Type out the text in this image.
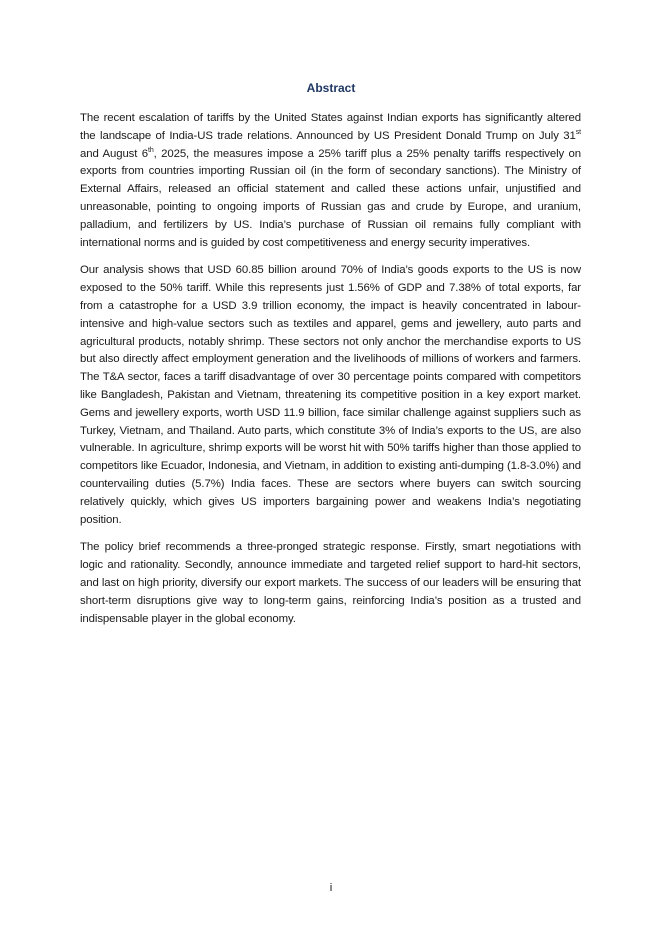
Abstract

The recent escalation of tariffs by the United States against Indian exports has significantly altered the landscape of India-US trade relations. Announced by US President Donald Trump on July 31st and August 6th, 2025, the measures impose a 25% tariff plus a 25% penalty tariffs respectively on exports from countries importing Russian oil (in the form of secondary sanctions). The Ministry of External Affairs, released an official statement and called these actions unfair, unjustified and unreasonable, pointing to ongoing imports of Russian gas and crude by Europe, and uranium, palladium, and fertilizers by US. India’s purchase of Russian oil remains fully compliant with international norms and is guided by cost competitiveness and energy security imperatives.

Our analysis shows that USD 60.85 billion around 70% of India’s goods exports to the US is now exposed to the 50% tariff. While this represents just 1.56% of GDP and 7.38% of total exports, far from a catastrophe for a USD 3.9 trillion economy, the impact is heavily concentrated in labour-intensive and high-value sectors such as textiles and apparel, gems and jewellery, auto parts and agricultural products, notably shrimp. These sectors not only anchor the merchandise exports to US but also directly affect employment generation and the livelihoods of millions of workers and farmers. The T&A sector, faces a tariff disadvantage of over 30 percentage points compared with competitors like Bangladesh, Pakistan and Vietnam, threatening its competitive position in a key export market. Gems and jewellery exports, worth USD 11.9 billion, face similar challenge against suppliers such as Turkey, Vietnam, and Thailand. Auto parts, which constitute 3% of India’s exports to the US, are also vulnerable. In agriculture, shrimp exports will be worst hit with 50% tariffs higher than those applied to competitors like Ecuador, Indonesia, and Vietnam, in addition to existing anti-dumping (1.8-3.0%) and countervailing duties (5.7%) India faces. These are sectors where buyers can switch sourcing relatively quickly, which gives US importers bargaining power and weakens India’s negotiating position.

The policy brief recommends a three-pronged strategic response. Firstly, smart negotiations with logic and rationality. Secondly, announce immediate and targeted relief support to hard-hit sectors, and last on high priority, diversify our export markets. The success of our leaders will be ensuring that short-term disruptions give way to long-term gains, reinforcing India’s position as a trusted and indispensable player in the global economy.

i
